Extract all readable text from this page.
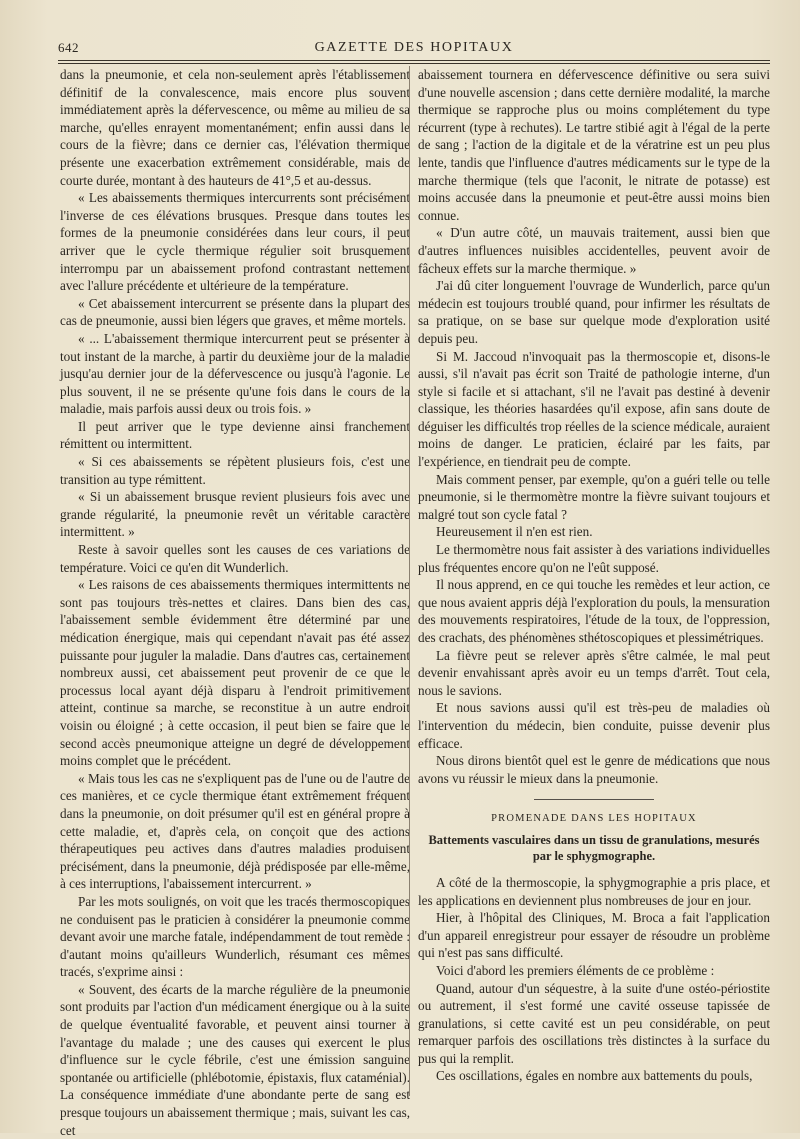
642	GAZETTE DES HOPITAUX

dans la pneumonie, et cela non-seulement après l'établissement définitif de la convalescence, mais encore plus souvent immédiatement après la défervescence, ou même au milieu de sa marche, qu'elles enrayent momentanément; enfin aussi dans le cours de la fièvre; dans ce dernier cas, l'élévation thermique présente une exacerbation extrêmement considérable, mais de courte durée, montant à des hauteurs de 41°,5 et au-dessus.

« Les abaissements thermiques intercurrents sont précisément l'inverse de ces élévations brusques. Presque dans toutes les formes de la pneumonie considérées dans leur cours, il peut arriver que le cycle thermique régulier soit brusquement interrompu par un abaissement profond contrastant nettement avec l'allure précédente et ultérieure de la température.

« Cet abaissement intercurrent se présente dans la plupart des cas de pneumonie, aussi bien légers que graves, et même mortels.

« ... L'abaissement thermique intercurrent peut se présenter à tout instant de la marche, à partir du deuxième jour de la maladie jusqu'au dernier jour de la défervescence ou jusqu'à l'agonie. Le plus souvent, il ne se présente qu'une fois dans le cours de la maladie, mais parfois aussi deux ou trois fois. »

Il peut arriver que le type devienne ainsi franchement rémittent ou intermittent.

« Si ces abaissements se répètent plusieurs fois, c'est une transition au type rémittent.

« Si un abaissement brusque revient plusieurs fois avec une grande régularité, la pneumonie revêt un véritable caractère intermittent. »

Reste à savoir quelles sont les causes de ces variations de température. Voici ce qu'en dit Wunderlich.

« Les raisons de ces abaissements thermiques intermittents ne sont pas toujours très-nettes et claires. Dans bien des cas, l'abaissement semble évidemment être déterminé par une médication énergique, mais qui cependant n'avait pas été assez puissante pour juguler la maladie. Dans d'autres cas, certainement nombreux aussi, cet abaissement peut provenir de ce que le processus local ayant déjà disparu à l'endroit primitivement atteint, continue sa marche, se reconstitue à un autre endroit voisin ou éloigné ; à cette occasion, il peut bien se faire que le second accès pneumonique atteigne un degré de développement moins complet que le précédent.

« Mais tous les cas ne s'expliquent pas de l'une ou de l'autre de ces manières, et ce cycle thermique étant extrêmement fréquent dans la pneumonie, on doit présumer qu'il est en général propre à cette maladie, et, d'après cela, on conçoit que des actions thérapeutiques peu actives dans d'autres maladies produisent précisément, dans la pneumonie, déjà prédisposée par elle-même, à ces interruptions, l'abaissement intercurrent. »

Par les mots soulignés, on voit que les tracés thermoscopiques ne conduisent pas le praticien à considérer la pneumonie comme devant avoir une marche fatale, indépendamment de tout remède : d'autant moins qu'ailleurs Wunderlich, résumant ces mêmes tracés, s'exprime ainsi :

« Souvent, des écarts de la marche régulière de la pneumonie sont produits par l'action d'un médicament énergique ou à la suite de quelque éventualité favorable, et peuvent ainsi tourner à l'avantage du malade ; une des causes qui exercent le plus d'influence sur le cycle fébrile, c'est une émission sanguine spontanée ou artificielle (phlébotomie, épistaxis, flux cataménial). La conséquence immédiate d'une abondante perte de sang est presque toujours un abaissement thermique ; mais, suivant les cas, cet

abaissement tournera en défervescence définitive ou sera suivi d'une nouvelle ascension ; dans cette dernière modalité, la marche thermique se rapproche plus ou moins complétement du type récurrent (type à rechutes). Le tartre stibié agit à l'égal de la perte de sang ; l'action de la digitale et de la vératrine est un peu plus lente, tandis que l'influence d'autres médicaments sur le type de la marche thermique (tels que l'aconit, le nitrate de potasse) est moins accusée dans la pneumonie et peut-être aussi moins bien connue.

« D'un autre côté, un mauvais traitement, aussi bien que d'autres influences nuisibles accidentelles, peuvent avoir de fâcheux effets sur la marche thermique. »

J'ai dû citer longuement l'ouvrage de Wunderlich, parce qu'un médecin est toujours troublé quand, pour infirmer les résultats de sa pratique, on se base sur quelque mode d'exploration usité depuis peu.

Si M. Jaccoud n'invoquait pas la thermoscopie et, disons-le aussi, s'il n'avait pas écrit son Traité de pathologie interne, d'un style si facile et si attachant, s'il ne l'avait pas destiné à devenir classique, les théories hasardées qu'il expose, afin sans doute de déguiser les difficultés trop réelles de la science médicale, auraient moins de danger. Le praticien, éclairé par les faits, par l'expérience, en tiendrait peu de compte.

Mais comment penser, par exemple, qu'on a guéri telle ou telle pneumonie, si le thermomètre montre la fièvre suivant toujours et malgré tout son cycle fatal ?

Heureusement il n'en est rien.

Le thermomètre nous fait assister à des variations individuelles plus fréquentes encore qu'on ne l'eût supposé.

Il nous apprend, en ce qui touche les remèdes et leur action, ce que nous avaient appris déjà l'exploration du pouls, la mensuration des mouvements respiratoires, l'étude de la toux, de l'oppression, des crachats, des phénomènes sthétoscopiques et plessimétriques.

La fièvre peut se relever après s'être calmée, le mal peut devenir envahissant après avoir eu un temps d'arrêt. Tout cela, nous le savions.

Et nous savions aussi qu'il est très-peu de maladies où l'intervention du médecin, bien conduite, puisse devenir plus efficace.

Nous dirons bientôt quel est le genre de médications que nous avons vu réussir le mieux dans la pneumonie.

PROMENADE DANS LES HOPITAUX
Battements vasculaires dans un tissu de granulations, mesurés par le sphygmographe.

A côté de la thermoscopie, la sphygmographie a pris place, et les applications en deviennent plus nombreuses de jour en jour.

Hier, à l'hôpital des Cliniques, M. Broca a fait l'application d'un appareil enregistreur pour essayer de résoudre un problème qui n'est pas sans difficulté.

Voici d'abord les premiers éléments de ce problème :

Quand, autour d'un séquestre, à la suite d'une ostéo-périostite ou autrement, il s'est formé une cavité osseuse tapissée de granulations, si cette cavité est un peu considérable, on peut remarquer parfois des oscillations très distinctes à la surface du pus qui la remplit.

Ces oscillations, égales en nombre aux battements du pouls,
